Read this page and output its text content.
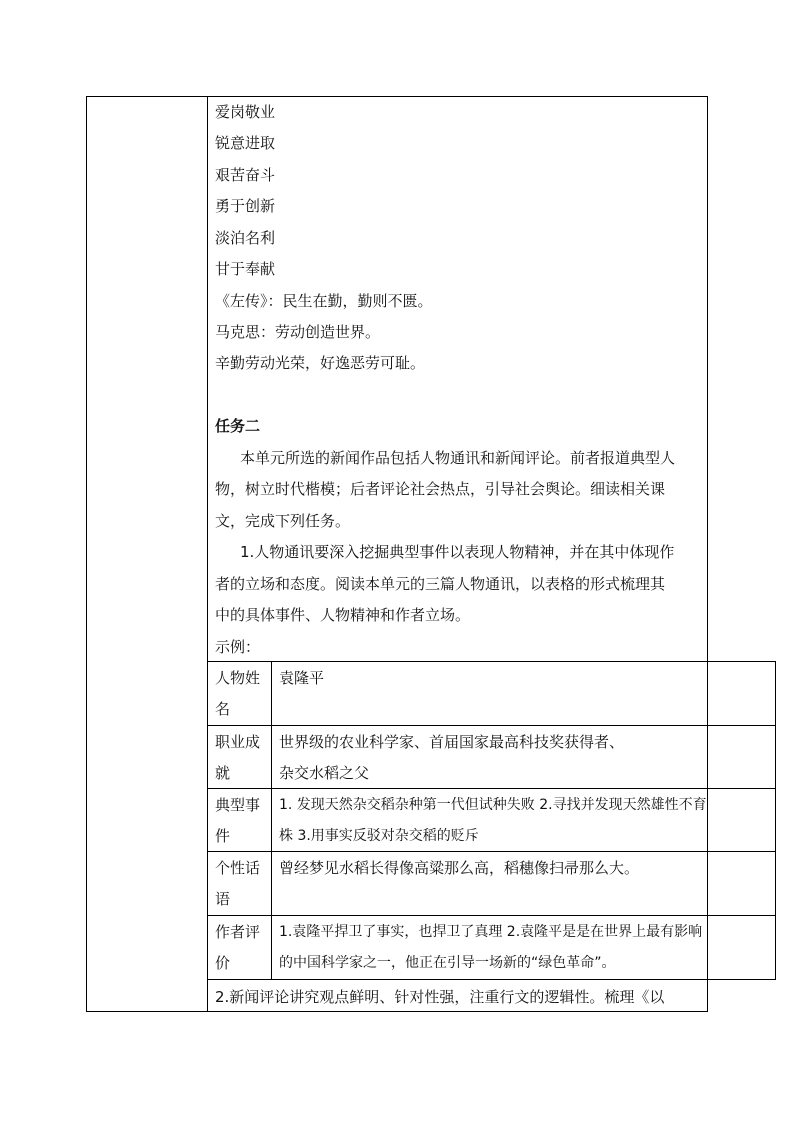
爱岗敬业
锐意进取
艰苦奋斗
勇于创新
淡泊名利
甘于奉献
《左传》：民生在勤，勤则不匮。
马克思：劳动创造世界。
辛勤劳动光荣，好逸恶劳可耻。
任务二
本单元所选的新闻作品包括人物通讯和新闻评论。前者报道典型人
物，树立时代楷模；后者评论社会热点，引导社会舆论。细读相关课
文，完成下列任务。
1.人物通讯要深入挖掘典型事件以表现人物精神，并在其中体现作
者的立场和态度。阅读本单元的三篇人物通讯，以表格的形式梳理其
中的具体事件、人物精神和作者立场。
示例：
人物姓
名
袁隆平
职业成
就
世界级的农业科学家、首届国家最高科技奖获得者、
杂交水稻之父
典型事
件
1. 发现天然杂交稻杂种第一代但试种失败 2.寻找并发现天然雄性不育
株 3.用事实反驳对杂交稻的贬斥
个性话
语
曾经梦见水稻长得像高粱那么高，稻穗像扫帚那么大。
作者评
价
1.袁隆平捍卫了事实，也捍卫了真理 2.袁隆平是是在世界上最有影响
的中国科学家之一，他正在引导一场新的“绿色革命”。
2.新闻评论讲究观点鲜明、针对性强，注重行文的逻辑性。梳理《以
